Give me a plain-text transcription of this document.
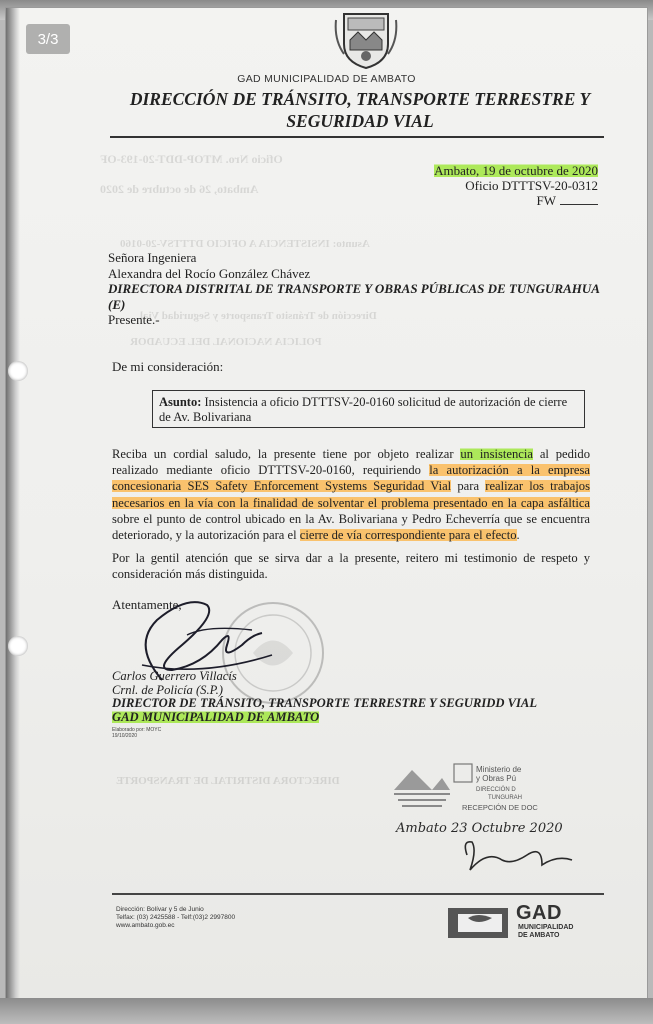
3/3
Oficio Nro. MTOP-DDT-20-193-OF
Ambato, 26 de octubre de 2020
Asunto: INSISTENCIA A OFICIO DTTTSV-20-0160
Dirección de Tránsito Transporte y Seguridad Vial
POLICIA NACIONAL DEL ECUADOR
DIRECTORA DISTRITAL DE TRANSPORTE
GAD MUNICIPALIDAD DE AMBATO
DIRECCIÓN DE TRÁNSITO, TRANSPORTE TERRESTRE Y
SEGURIDAD VIAL
Ambato, 19 de octubre de 2020
Oficio DTTTSV-20-0312
FW
Señora Ingeniera
Alexandra del Rocío González Chávez
DIRECTORA DISTRITAL DE TRANSPORTE Y OBRAS PÚBLICAS DE TUNGURAHUA
(E)
Presente.-
De mi consideración:
Asunto: Insistencia a oficio DTTTSV-20-0160 solicitud de autorización de cierre de Av. Bolivariana
Reciba un cordial saludo, la presente tiene por objeto realizar un insistencia al pedido realizado mediante oficio DTTTSV-20-0160, requiriendo la autorización a la empresa concesionaria SES Safety Enforcement Systems Seguridad Vial para realizar los trabajos necesarios en la vía con la finalidad de solventar el problema presentado en la capa asfáltica sobre el punto de control ubicado en la Av. Bolivariana y Pedro Echeverría que se encuentra deteriorado, y la autorización para el cierre de vía correspondiente para el efecto.
Por la gentil atención que se sirva dar a la presente, reitero mi testimonio de respeto y consideración más distinguida.
Atentamente,
Carlos Guerrero Villacís
Crnl. de Policía (S.P.)
DIRECTOR DE TRÁNSITO, TRANSPORTE TERRESTRE Y SEGURIDD VIAL
GAD MUNICIPALIDAD DE AMBATO
Elaborado por: MOYC
19/10/2020
Ministerio de
y Obras Pú
DIRECCIÓN D
TUNGURAH
RECEPCIÓN DE DOC
Ambato 23 Octubre 2020
Dirección: Bolívar y 5 de Junio
Telfax: (03) 2425588 - Telf:(03)2 2997800
www.ambato.gob.ec
GAD
MUNICIPALIDAD
DE AMBATO
